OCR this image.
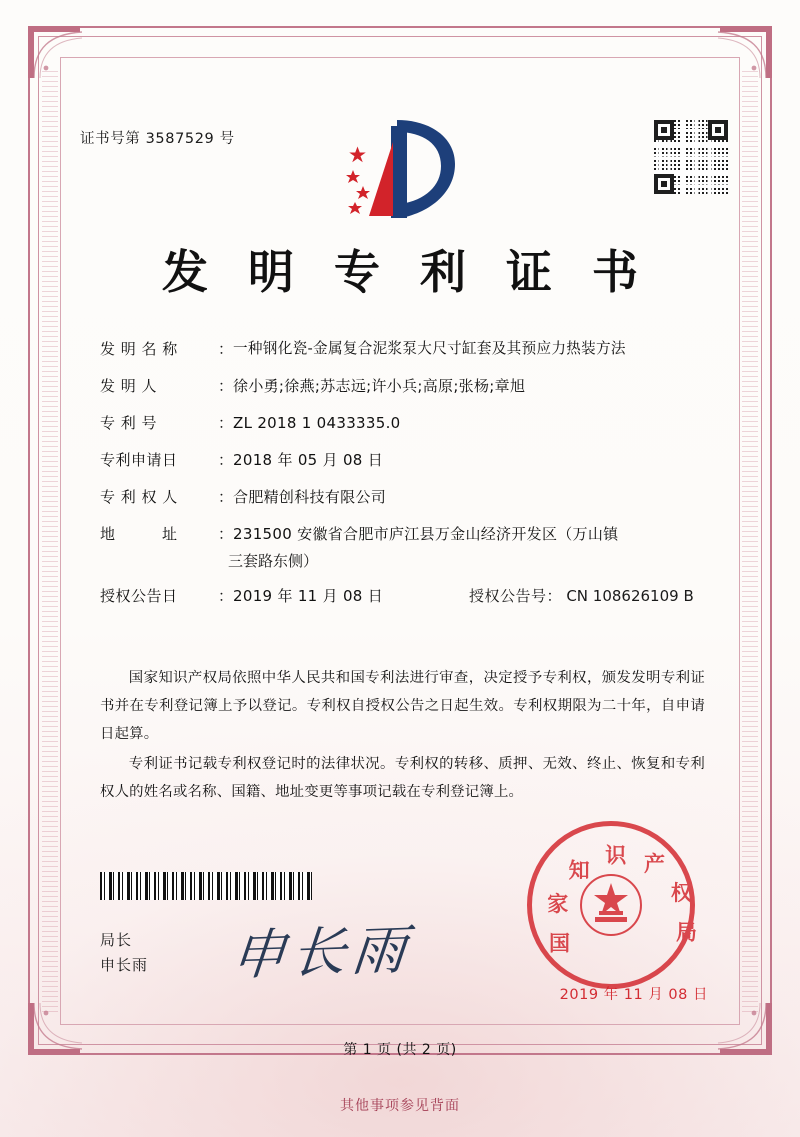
证书号第 3587529 号
发 明 专 利 证 书
发 明 名 称	： 一种钢化瓷-金属复合泥浆泵大尺寸缸套及其预应力热装方法
发 明 人	： 徐小勇;徐燕;苏志远;许小兵;高原;张杨;章旭
专 利 号	： ZL 2018 1 0433335.0
专利申请日	： 2018 年 05 月 08 日
专 利 权 人	： 合肥精创科技有限公司
地　　　址	： 231500 安徽省合肥市庐江县万金山经济开发区（万山镇
三套路东侧）
授权公告日	： 2019 年 11 月 08 日	授权公告号： CN 108626109 B

国家知识产权局依照中华人民共和国专利法进行审查，决定授予专利权，颁发发明专利证书并在专利登记簿上予以登记。专利权自授权公告之日起生效。专利权期限为二十年，自申请日起算。

专利证书记载专利权登记时的法律状况。专利权的转移、质押、无效、终止、恢复和专利权人的姓名或名称、国籍、地址变更等事项记载在专利登记簿上。

局长
申长雨 申长雨	国
家
知
识 产
权
局
2019 年 11 月 08 日
第 1 页 (共 2 页)
其他事项参见背面
